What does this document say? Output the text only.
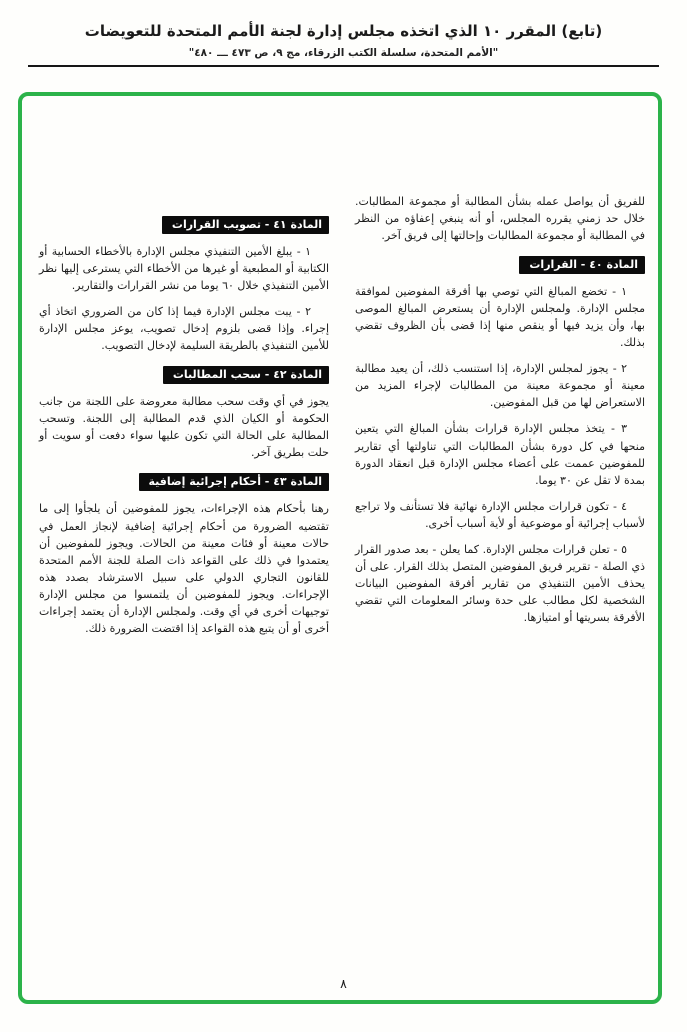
(تابع) المقرر ١٠ الذي اتخذه مجلس إدارة لجنة الأمم المتحدة للتعويضات
"الأمم المتحدة، سلسلة الكتب الزرقاء، مج ٩، ص ٤٧٣ ـــ ٤٨٠"

للفريق أن يواصل عمله بشأن المطالبة أو مجموعة المطالبات. خلال حد زمني يقرره المجلس، أو أنه ينبغي إعفاؤه من النظر في المطالبة أو مجموعة المطالبات وإحالتها إلى فريق آخر.

المادة ٤٠ - القرارات

١ - تخضع المبالغ التي توصي بها أفرقة المفوضين لموافقة مجلس الإدارة. ولمجلس الإدارة أن يستعرض المبالغ الموصى بها، وأن يزيد فيها أو ينقص منها إذا قضى بأن الظروف تقضي بذلك.

٢ - يجوز لمجلس الإدارة، إذا استنسب ذلك، أن يعيد مطالبة معينة أو مجموعة معينة من المطالبات لإجراء المزيد من الاستعراض لها من قبل المفوضين.

٣ - يتخذ مجلس الإدارة قرارات بشأن المبالغ التي يتعين منحها في كل دورة بشأن المطالبات التي تناولتها أي تقارير للمفوضين عممت على أعضاء مجلس الإدارة قبل انعقاد الدورة بمدة لا تقل عن ٣٠ يوما.

٤ - تكون قرارات مجلس الإدارة نهائية فلا تستأنف ولا تراجع لأسباب إجرائية أو موضوعية أو لأية أسباب أخرى.

٥ - تعلن قرارات مجلس الإدارة. كما يعلن - بعد صدور القرار ذي الصلة - تقرير فريق المفوضين المتصل بذلك القرار. على أن يحذف الأمين التنفيذي من تقارير أفرقة المفوضين البيانات الشخصية لكل مطالب على حدة وسائر المعلومات التي تقضي الأفرقة بسريتها أو امتيازها.

المادة ٤١ - تصويب القرارات

١ - يبلغ الأمين التنفيذي مجلس الإدارة بالأخطاء الحسابية أو الكتابية أو المطبعية أو غيرها من الأخطاء التي يسترعى إليها نظر الأمين التنفيذي خلال ٦٠ يوما من نشر القرارات والتقارير.

٢ - يبت مجلس الإدارة فيما إذا كان من الضروري اتخاذ أي إجراء. وإذا قضى بلزوم إدخال تصويب، يوعز مجلس الإدارة للأمين التنفيذي بالطريقة السليمة لإدخال التصويب.

المادة ٤٢ - سحب المطالبات

يجوز في أي وقت سحب مطالبة معروضة على اللجنة من جانب الحكومة أو الكيان الذي قدم المطالبة إلى اللجنة. وتسحب المطالبة على الحالة التي تكون عليها سواء دفعت أو سويت أو حلت بطريق آخر.

المادة ٤٣ - أحكام إجرائية إضافية

رهنا بأحكام هذه الإجراءات، يجوز للمفوضين أن يلجأوا إلى ما تقتضيه الضرورة من أحكام إجرائية إضافية لإنجاز العمل في حالات معينة أو فئات معينة من الحالات. ويجوز للمفوضين أن يعتمدوا في ذلك على القواعد ذات الصلة للجنة الأمم المتحدة للقانون التجاري الدولي على سبيل الاسترشاد بصدد هذه الإجراءات. ويجوز للمفوضين أن يلتمسوا من مجلس الإدارة توجيهات أخرى في أي وقت. ولمجلس الإدارة أن يعتمد إجراءات أخرى أو أن يتبع هذه القواعد إذا اقتضت الضرورة ذلك.

٨
